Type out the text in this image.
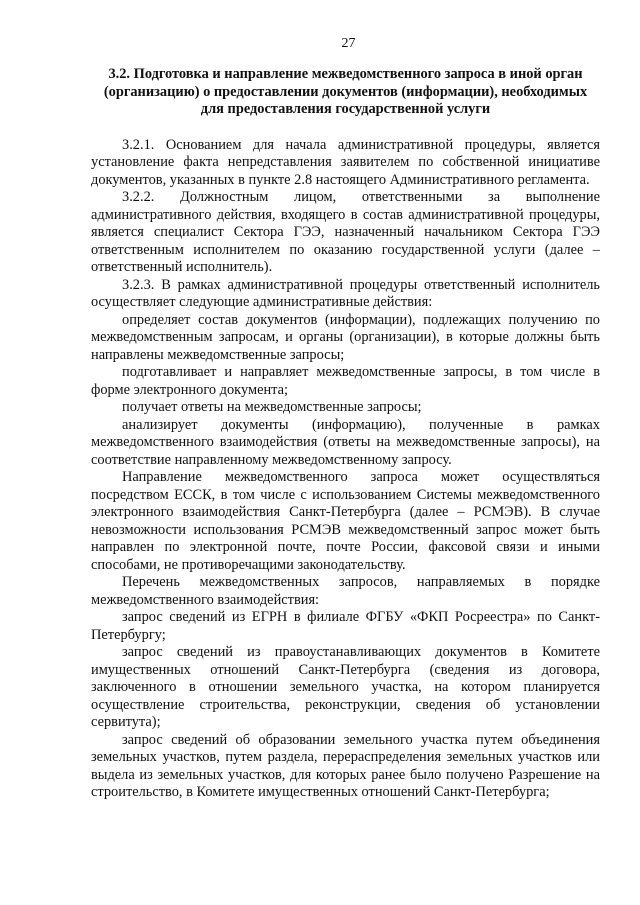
27
3.2. Подготовка и направление межведомственного запроса в иной орган (организацию) о предоставлении документов (информации), необходимых для предоставления государственной услуги

3.2.1. Основанием для начала административной процедуры, является установление факта непредставления заявителем по собственной инициативе документов, указанных в пункте 2.8 настоящего Административного регламента.

3.2.2. Должностным лицом, ответственными за выполнение административного действия, входящего в состав административной процедуры, является специалист Сектора ГЭЭ, назначенный начальником Сектора ГЭЭ ответственным исполнителем по оказанию государственной услуги (далее – ответственный исполнитель).

3.2.3. В рамках административной процедуры ответственный исполнитель осуществляет следующие административные действия:

определяет состав документов (информации), подлежащих получению по межведомственным запросам, и органы (организации), в которые должны быть направлены межведомственные запросы;

подготавливает и направляет межведомственные запросы, в том числе в форме электронного документа;

получает ответы на межведомственные запросы;

анализирует документы (информацию), полученные в рамках межведомственного взаимодействия (ответы на межведомственные запросы), на соответствие направленному межведомственному запросу.

Направление межведомственного запроса может осуществляться посредством ЕССК, в том числе с использованием Системы межведомственного электронного взаимодействия Санкт-Петербурга (далее – РСМЭВ). В случае невозможности использования РСМЭВ межведомственный запрос может быть направлен по электронной почте, почте России, факсовой связи и иными способами, не противоречащими законодательству.

Перечень межведомственных запросов, направляемых в порядке межведомственного взаимодействия:

запрос сведений из ЕГРН в филиале ФГБУ «ФКП Росреестра» по Санкт-Петербургу;

запрос сведений из правоустанавливающих документов в Комитете имущественных отношений Санкт-Петербурга (сведения из договора, заключенного в отношении земельного участка, на котором планируется осуществление строительства, реконструкции, сведения об установлении сервитута);

запрос сведений об образовании земельного участка путем объединения земельных участков, путем раздела, перераспределения земельных участков или выдела из земельных участков, для которых ранее было получено Разрешение на строительство, в Комитете имущественных отношений Санкт-Петербурга;
